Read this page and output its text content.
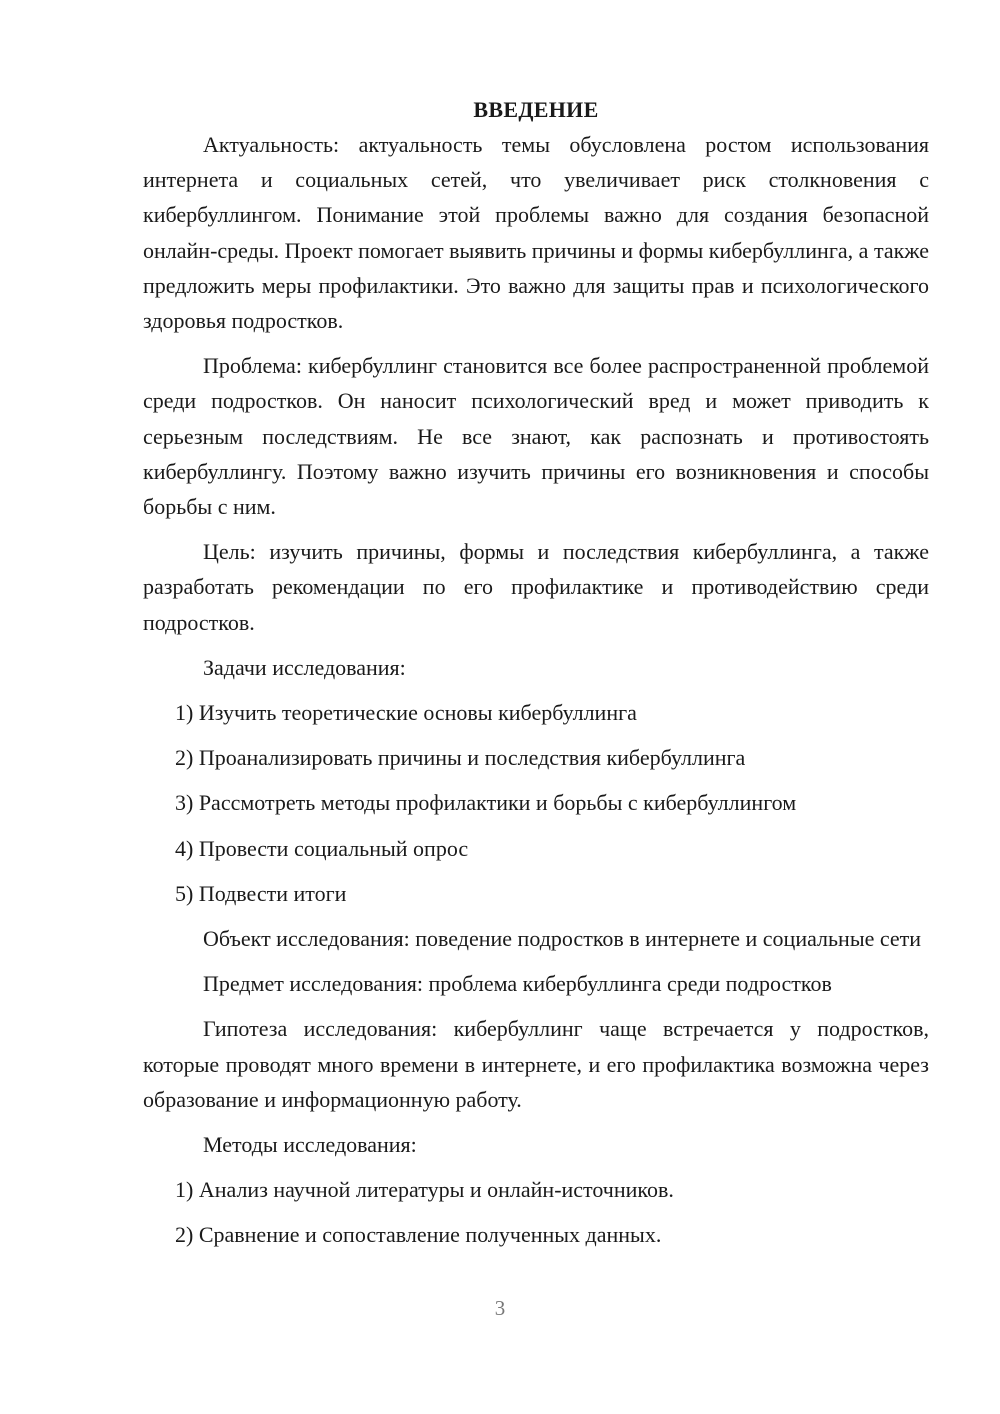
ВВЕДЕНИЕ

Актуальность: актуальность темы обусловлена ростом использования интернета и социальных сетей, что увеличивает риск столкновения с кибербуллингом. Понимание этой проблемы важно для создания безопасной онлайн-среды. Проект помогает выявить причины и формы кибербуллинга, а также предложить меры профилактики. Это важно для защиты прав и психологического здоровья подростков.

Проблема: кибербуллинг становится все более распространенной проблемой среди подростков. Он наносит психологический вред и может приводить к серьезным последствиям. Не все знают, как распознать и противостоять кибербуллингу. Поэтому важно изучить причины его возникновения и способы борьбы с ним.

Цель: изучить причины, формы и последствия кибербуллинга, а также разработать рекомендации по его профилактике и противодействию среди подростков.

Задачи исследования:

1) Изучить теоретические основы кибербуллинга

2) Проанализировать причины и последствия кибербуллинга

3) Рассмотреть методы профилактики и борьбы с кибербуллингом

4) Провести социальный опрос

5) Подвести итоги

Объект исследования: поведение подростков в интернете и социальные сети

Предмет исследования: проблема кибербуллинга среди подростков

Гипотеза исследования: кибербуллинг чаще встречается у подростков, которые проводят много времени в интернете, и его профилактика возможна через образование и информационную работу.

Методы исследования:

1) Анализ научной литературы и онлайн-источников.

2) Сравнение и сопоставление полученных данных.

3
